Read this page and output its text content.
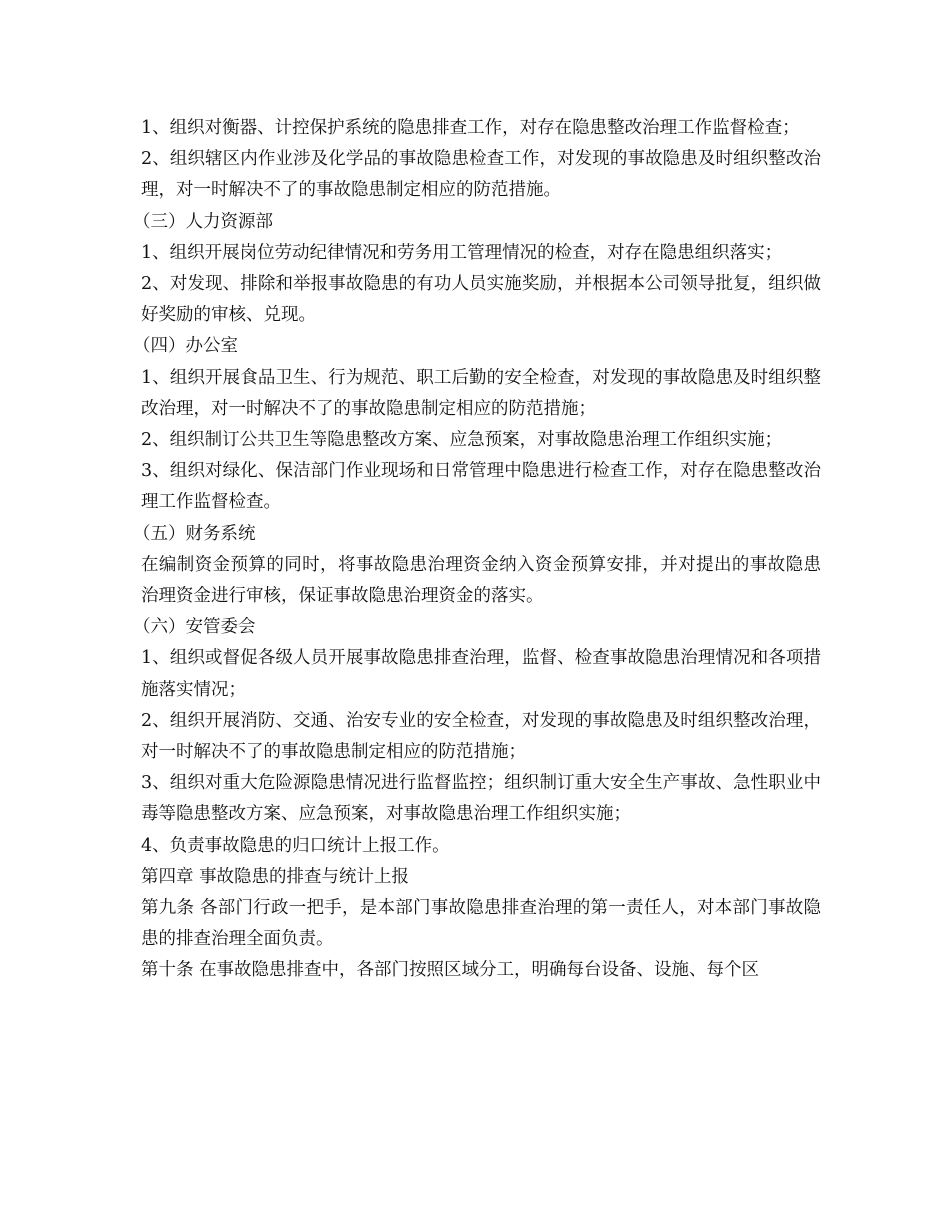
1、组织对衡器、计控保护系统的隐患排查工作，对存在隐患整改治理工作监督检查；

2、组织辖区内作业涉及化学品的事故隐患检查工作，对发现的事故隐患及时组织整改治理，对一时解决不了的事故隐患制定相应的防范措施。

（三）人力资源部

1、组织开展岗位劳动纪律情况和劳务用工管理情况的检查，对存在隐患组织落实；

2、对发现、排除和举报事故隐患的有功人员实施奖励，并根据本公司领导批复，组织做好奖励的审核、兑现。

（四）办公室

1、组织开展食品卫生、行为规范、职工后勤的安全检查，对发现的事故隐患及时组织整改治理，对一时解决不了的事故隐患制定相应的防范措施；

2、组织制订公共卫生等隐患整改方案、应急预案，对事故隐患治理工作组织实施；

3、组织对绿化、保洁部门作业现场和日常管理中隐患进行检查工作，对存在隐患整改治理工作监督检查。

（五）财务系统

在编制资金预算的同时，将事故隐患治理资金纳入资金预算安排，并对提出的事故隐患治理资金进行审核，保证事故隐患治理资金的落实。

（六）安管委会

1、组织或督促各级人员开展事故隐患排查治理，监督、检查事故隐患治理情况和各项措施落实情况；

2、组织开展消防、交通、治安专业的安全检查，对发现的事故隐患及时组织整改治理，对一时解决不了的事故隐患制定相应的防范措施；

3、组织对重大危险源隐患情况进行监督监控；组织制订重大安全生产事故、急性职业中毒等隐患整改方案、应急预案，对事故隐患治理工作组织实施；

4、负责事故隐患的归口统计上报工作。

第四章 事故隐患的排查与统计上报

第九条 各部门行政一把手，是本部门事故隐患排查治理的第一责任人，对本部门事故隐患的排查治理全面负责。

第十条 在事故隐患排查中，各部门按照区域分工，明确每台设备、设施、每个区
